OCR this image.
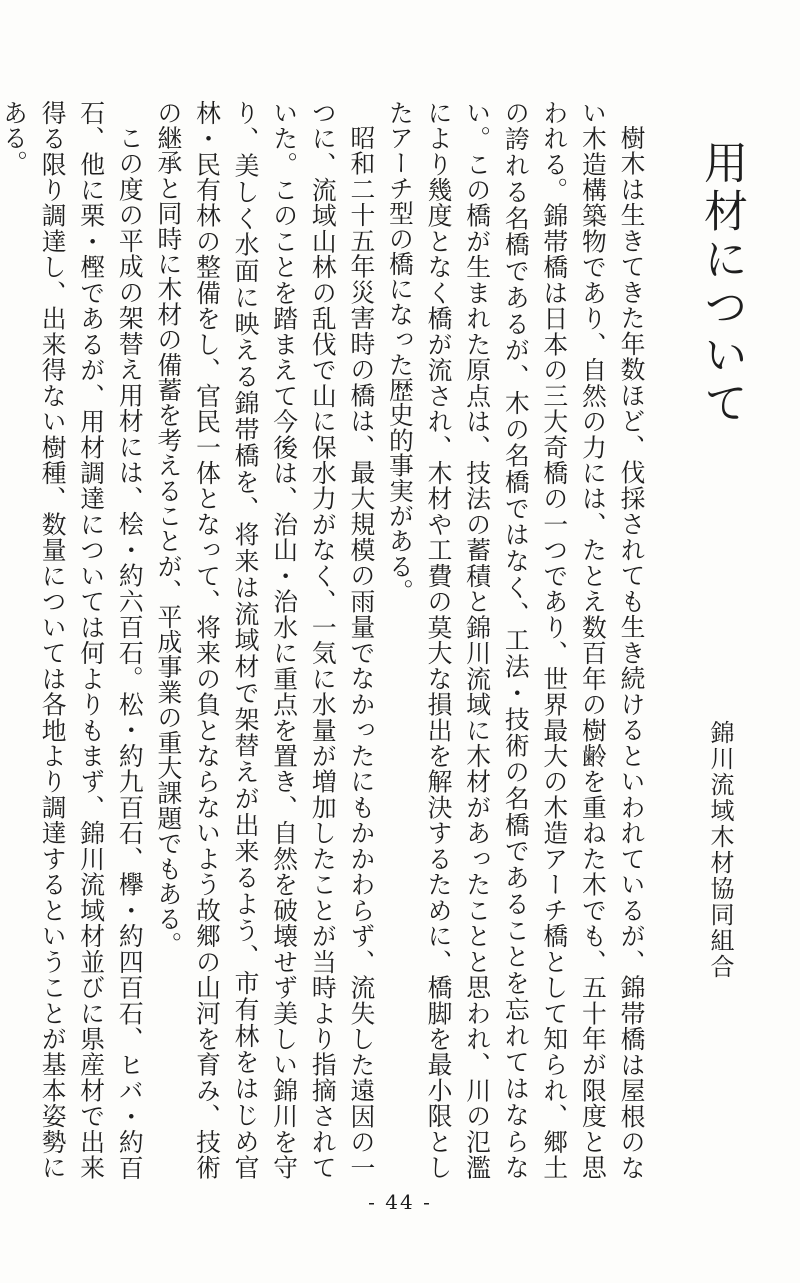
用材について
錦川流域木材協同組合

樹木は生きてきた年数ほど、伐採されても生き続けるといわれているが、錦帯橋は屋根のない木造構築物であり、自然の力には、たとえ数百年の樹齢を重ねた木でも、五十年が限度と思われる。錦帯橋は日本の三大奇橋の一つであり、世界最大の木造アーチ橋として知られ、郷土の誇れる名橋であるが、木の名橋ではなく、工法・技術の名橋であることを忘れてはならない。この橋が生まれた原点は、技法の蓄積と錦川流域に木材があったことと思われ、川の氾濫により幾度となく橋が流され、木材や工費の莫大な損出を解決するために、橋脚を最小限としたアーチ型の橋になった歴史的事実がある。

昭和二十五年災害時の橋は、最大規模の雨量でなかったにもかかわらず、流失した遠因の一つに、流域山林の乱伐で山に保水力がなく、一気に水量が増加したことが当時より指摘されていた。このことを踏まえて今後は、治山・治水に重点を置き、自然を破壊せず美しい錦川を守り、美しく水面に映える錦帯橋を、将来は流域材で架替えが出来るよう、市有林をはじめ官林・民有林の整備をし、官民一体となって、将来の負とならないよう故郷の山河を育み、技術の継承と同時に木材の備蓄を考えることが、平成事業の重大課題でもある。

この度の平成の架替え用材には、桧・約六百石。松・約九百石、欅・約四百石、ヒバ・約百石、他に栗・樫であるが、用材調達については何よりもまず、錦川流域材並びに県産材で出来得る限り調達し、出来得ない樹種、数量については各地より調達するということが基本姿勢にある。

- 44 -
